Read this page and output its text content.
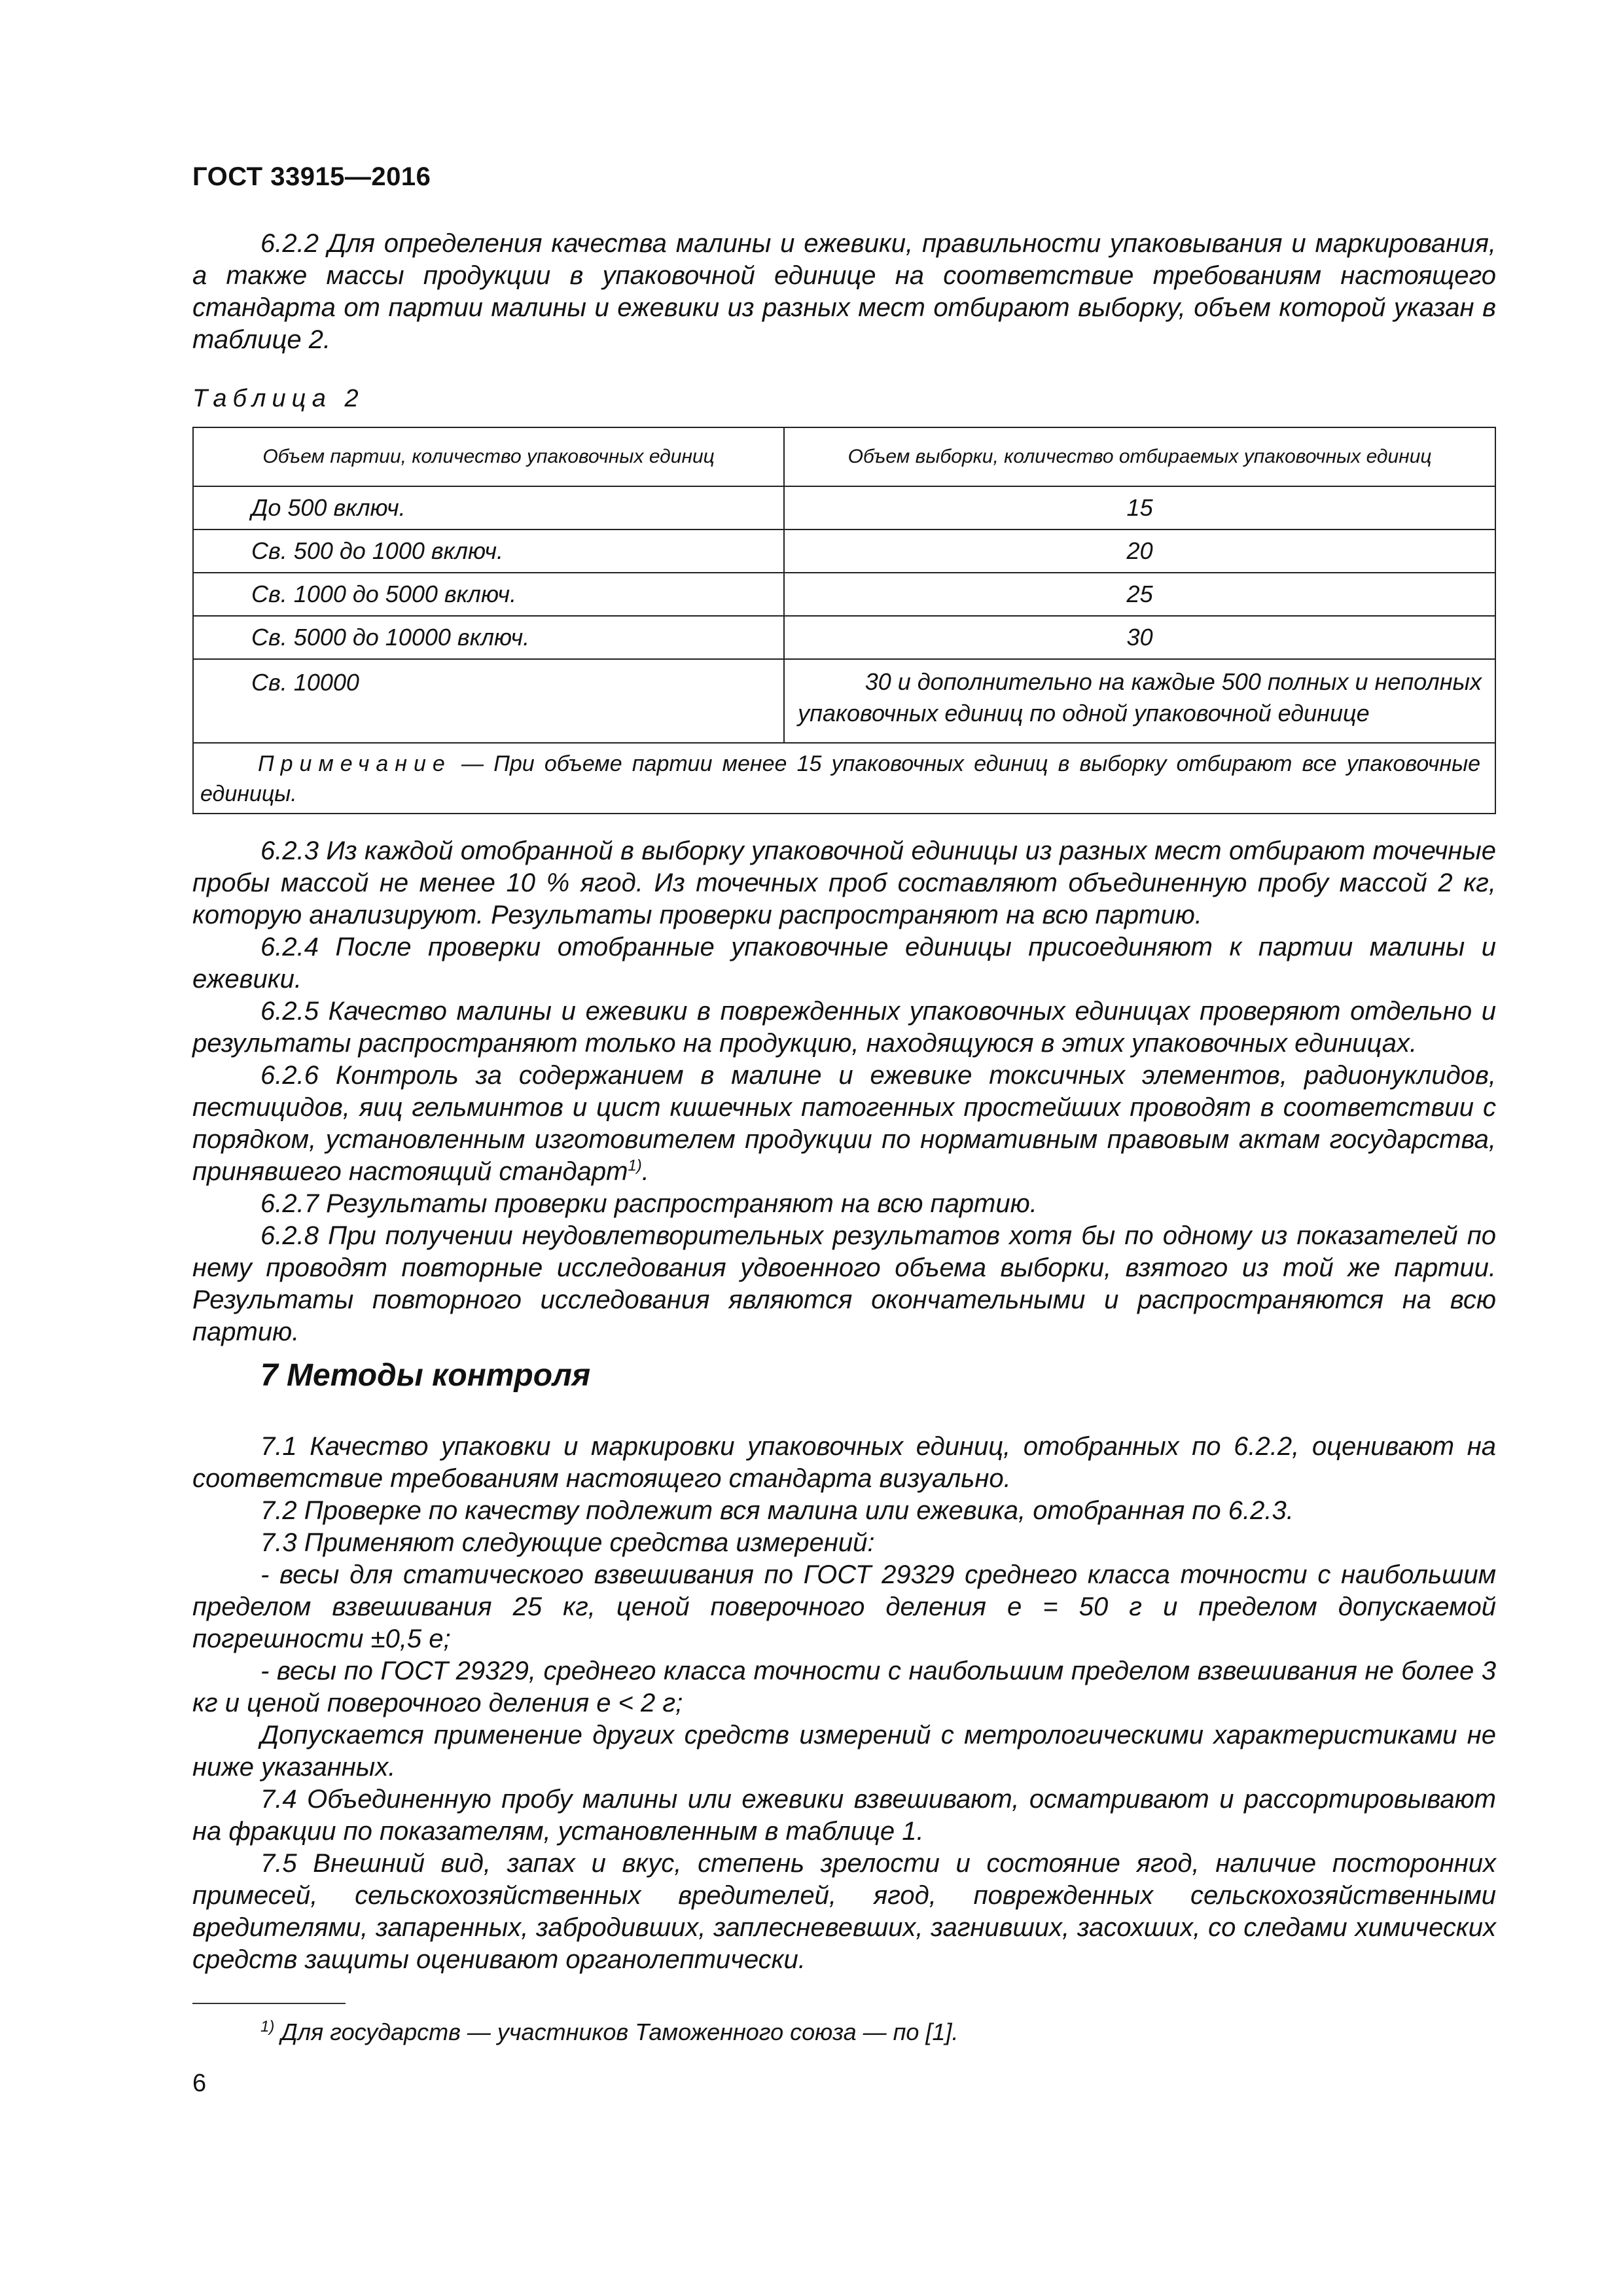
ГОСТ 33915—2016

6.2.2 Для определения качества малины и ежевики, правильности упаковывания и маркирования, а также массы продукции в упаковочной единице на соответствие требованиям настоящего стандарта от партии малины и ежевики из разных мест отбирают выборку, объем которой указан в таблице 2.

Таблица 2
Объем партии, количество упаковочных единиц	Объем выборки, количество отбираемых упаковочных единиц
До 500 включ.	15
Св. 500 до 1000 включ.	20
Св. 1000 до 5000 включ.	25
Св. 5000 до 10000 включ.	30
Св. 10000	30 и дополнительно на каждые 500 полных и неполных
упаковочных единиц по одной упаковочной единице

Примечание — При объеме партии менее 15 упаковочных единиц в выборку отбирают все упаковочные единицы.	

6.2.3 Из каждой отобранной в выборку упаковочной единицы из разных мест отбирают точечные пробы массой не менее 10 % ягод. Из точечных проб составляют объединенную пробу массой 2 кг, которую анализируют. Результаты проверки распространяют на всю партию.

6.2.4 После проверки отобранные упаковочные единицы присоединяют к партии малины и ежевики.

6.2.5 Качество малины и ежевики в поврежденных упаковочных единицах проверяют отдельно и результаты распространяют только на продукцию, находящуюся в этих упаковочных единицах.

6.2.6 Контроль за содержанием в малине и ежевике токсичных элементов, радионуклидов, пестицидов, яиц гельминтов и цист кишечных патогенных простейших проводят в соответствии с порядком, установленным изготовителем продукции по нормативным правовым актам государства, принявшего настоящий стандарт$^{1)}$.

6.2.7 Результаты проверки распространяют на всю партию.

6.2.8 При получении неудовлетворительных результатов хотя бы по одному из показателей по нему проводят повторные исследования удвоенного объема выборки, взятого из той же партии. Результаты повторного исследования являются окончательными и распространяются на всю партию.

7 Методы контроля

7.1 Качество упаковки и маркировки упаковочных единиц, отобранных по 6.2.2, оценивают на соответствие требованиям настоящего стандарта визуально.

7.2 Проверке по качеству подлежит вся малина или ежевика, отобранная по 6.2.3.

7.3 Применяют следующие средства измерений:

- весы для статического взвешивания по ГОСТ 29329 среднего класса точности с наибольшим пределом взвешивания 25 кг, ценой поверочного деления е = 50 г и пределом допускаемой погрешности ±0,5 е;

- весы по ГОСТ 29329, среднего класса точности с наибольшим пределом взвешивания не более 3 кг и ценой поверочного деления е < 2 г;

Допускается применение других средств измерений с метрологическими характеристиками не ниже указанных.

7.4 Объединенную пробу малины или ежевики взвешивают, осматривают и рассортировывают на фракции по показателям, установленным в таблице 1.

7.5 Внешний вид, запах и вкус, степень зрелости и состояние ягод, наличие посторонних примесей, сельскохозяйственных вредителей, ягод, поврежденных сельскохозяйственными вредителями, запаренных, забродивших, заплесневевших, загнивших, засохших, со следами химических средств защиты оценивают органолептически.

$^{1)}$ Для государств — участников Таможенного союза — по [1].
6
